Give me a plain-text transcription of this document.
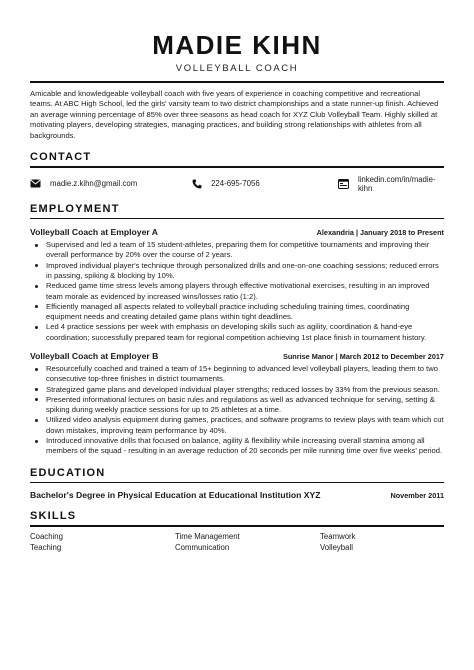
MADIE KIHN
VOLLEYBALL COACH

Amicable and knowledgeable volleyball coach with five years of experience in coaching competitive and recreational teams. At ABC High School, led the girls' varsity team to two district championships and a state runner-up finish. Achieved an average winning percentage of 85% over three seasons as head coach for XYZ Club Volleyball Team. Highly skilled at motivating players, developing strategies, managing practices, and building strong relationships with athletes from all backgrounds.

CONTACT
madie.z.kihn@gmail.com	224-695-7056	linkedin.com/in/madie-kihn
EMPLOYMENT
Volleyball Coach at Employer A	Alexandria | January 2018 to Present
Supervised and led a team of 15 student-athletes, preparing them for competitive tournaments and improving their overall performance by 20% over the course of 2 years.
Improved individual player's technique through personalized drills and one-on-one coaching sessions; reduced errors in passing, spiking & blocking by 10%.
Reduced game time stress levels among players through effective motivational exercises, resulting in an improved team morale as evidenced by increased wins/losses ratio (1:2).
Efficiently managed all aspects related to volleyball practice including scheduling training times, coordinating equipment needs and creating detailed game plans within tight deadlines.
Led 4 practice sessions per week with emphasis on developing skills such as agility, coordination & hand-eye coordination; successfully prepared team for regional competition achieving 1st place finish in tournament history.
Volleyball Coach at Employer B	Sunrise Manor | March 2012 to December 2017
Resourcefully coached and trained a team of 15+ beginning to advanced level volleyball players, leading them to two consecutive top-three finishes in district tournaments.
Strategized game plans and developed individual player strengths; reduced losses by 33% from the previous season.
Presented informational lectures on basic rules and regulations as well as advanced technique for serving, setting & spiking during weekly practice sessions for up to 25 athletes at a time.
Utilized video analysis equipment during games, practices, and software programs to review plays with team which cut down mistakes, improving team performance by 40%.
Introduced innovative drills that focused on balance, agility & flexibility while increasing overall stamina among all members of the squad - resulting in an average reduction of 20 seconds per mile running time over five weeks' period.
EDUCATION
Bachelor's Degree in Physical Education at Educational Institution XYZ	November 2011
SKILLS
Coaching	Time Management	Teamwork
Teaching	Communication	Volleyball
